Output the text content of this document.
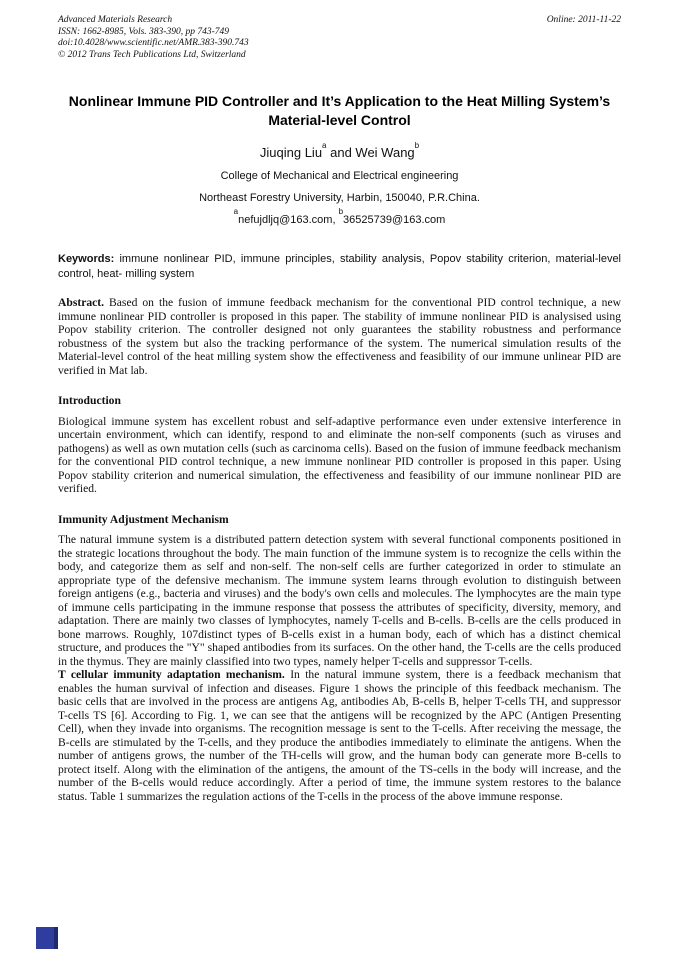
Advanced Materials Research
ISSN: 1662-8985, Vols. 383-390, pp 743-749
doi:10.4028/www.scientific.net/AMR.383-390.743
© 2012 Trans Tech Publications Ltd, Switzerland
Online: 2011-11-22
Nonlinear Immune PID Controller and It’s Application to the Heat Milling System’s Material-level Control
Jiuqing Liu$^a$ and Wei Wang$^b$
College of Mechanical and Electrical engineering
Northeast Forestry University, Harbin, 150040, P.R.China.
$^a$nefujdljq@163.com, $^b$36525739@163.com
Keywords: immune nonlinear PID, immune principles, stability analysis, Popov stability criterion, material-level control, heat- milling system

Abstract. Based on the fusion of immune feedback mechanism for the conventional PID control technique, a new immune nonlinear PID controller is proposed in this paper. The stability of immune nonlinear PID is analysised using Popov stability criterion. The controller designed not only guarantees the stability robustness and performance robustness of the system but also the tracking performance of the system. The numerical simulation results of the Material-level control of the heat milling system show the effectiveness and feasibility of our immune unlinear PID are verified in Mat lab.

Introduction

Biological immune system has excellent robust and self-adaptive performance even under extensive interference in uncertain environment, which can identify, respond to and eliminate the non-self components (such as viruses and pathogens) as well as own mutation cells (such as carcinoma cells). Based on the fusion of immune feedback mechanism for the conventional PID control technique, a new immune nonlinear PID controller is proposed in this paper. Using Popov stability criterion and numerical simulation, the effectiveness and feasibility of our immune nonlinear PID are verified.

Immunity Adjustment Mechanism

The natural immune system is a distributed pattern detection system with several functional components positioned in the strategic locations throughout the body. The main function of the immune system is to recognize the cells within the body, and categorize them as self and non-self. The non-self cells are further categorized in order to stimulate an appropriate type of the defensive mechanism. The immune system learns through evolution to distinguish between foreign antigens (e.g., bacteria and viruses) and the body's own cells and molecules. The lymphocytes are the main type of immune cells participating in the immune response that possess the attributes of specificity, diversity, memory, and adaptation. There are mainly two classes of lymphocytes, namely T-cells and B-cells. B-cells are the cells produced in bone marrows. Roughly, 107distinct types of B-cells exist in a human body, each of which has a distinct chemical structure, and produces the "Y" shaped antibodies from its surfaces. On the other hand, the T-cells are the cells produced in the thymus. They are mainly classified into two types, namely helper T-cells and suppressor T-cells.

T cellular immunity adaptation mechanism. In the natural immune system, there is a feedback mechanism that enables the human survival of infection and diseases. Figure 1 shows the principle of this feedback mechanism. The basic cells that are involved in the process are antigens Ag, antibodies Ab, B-cells B, helper T-cells TH, and suppressor T-cells TS [6]. According to Fig. 1, we can see that the antigens will be recognized by the APC (Antigen Presenting Cell), when they invade into organisms. The recognition message is sent to the T-cells. After receiving the message, the B-cells are stimulated by the T-cells, and they produce the antibodies immediately to eliminate the antigens. When the number of antigens grows, the number of the TH-cells will grow, and the human body can generate more B-cells to protect itself. Along with the elimination of the antigens, the amount of the TS-cells in the body will increase, and the number of the B-cells would reduce accordingly. After a period of time, the immune system restores to the balance status. Table 1 summarizes the regulation actions of the T-cells in the process of the above immune response.
